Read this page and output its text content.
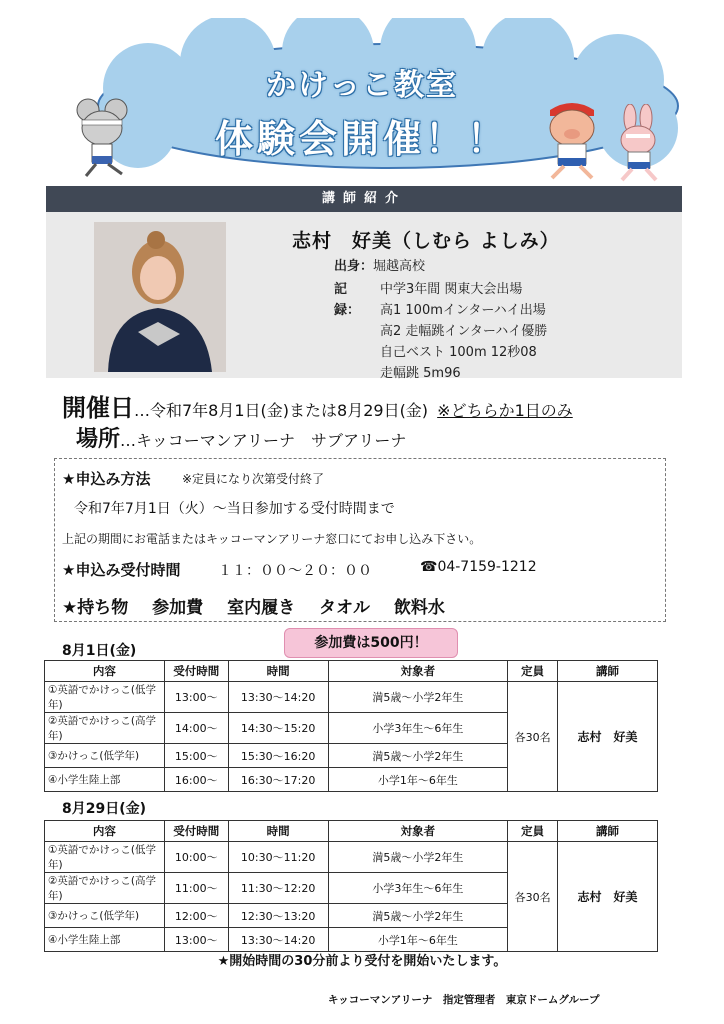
かけっこ教室
体験会開催！！
講師紹介
志村　好美（しむら よしみ）
出身：堀越高校
記録：
中学3年間 関東大会出場
高1 100mインターハイ出場
高2 走幅跳インターハイ優勝
自己ベスト 100m 12秒08
走幅跳 5m96
開催日…令和7年8月1日(金)または8月29日(金) ※どちらか1日のみ
場所…キッコーマンアリーナ　サブアリーナ
★申込み方法	※定員になり次第受付終了
令和7年7月1日（火）～当日参加する受付時間まで
上記の期間にお電話またはキッコーマンアリーナ窓口にてお申し込み下さい。
★申込み受付時間	１１：００～２０：００	☎04-7159-1212
★持ち物 参加費 室内履き タオル 飲料水
参加費は500円！
8月1日(金)
内容	受付時間	時間	対象者	定員	講師
①英語でかけっこ(低学年)	13:00～	13:30～14:20	満5歳～小学2年生	各30名	志村　好美
②英語でかけっこ(高学年)	14:00～	14:30～15:20	小学3年生～6年生		
③かけっこ(低学年)	15:00～	15:30～16:20	満5歳～小学2年生		
④小学生陸上部	16:00～	16:30～17:20	小学1年～6年生		
8月29日(金)
内容	受付時間	時間	対象者	定員	講師
①英語でかけっこ(低学年)	10:00～	10:30～11:20	満5歳～小学2年生	各30名	志村　好美
②英語でかけっこ(高学年)	11:00～	11:30～12:20	小学3年生～6年生		
③かけっこ(低学年)	12:00～	12:30～13:20	満5歳～小学2年生		
④小学生陸上部	13:00～	13:30～14:20	小学1年～6年生		
★開始時間の30分前より受付を開始いたします。
キッコーマンアリーナ　指定管理者　東京ドームグループ
